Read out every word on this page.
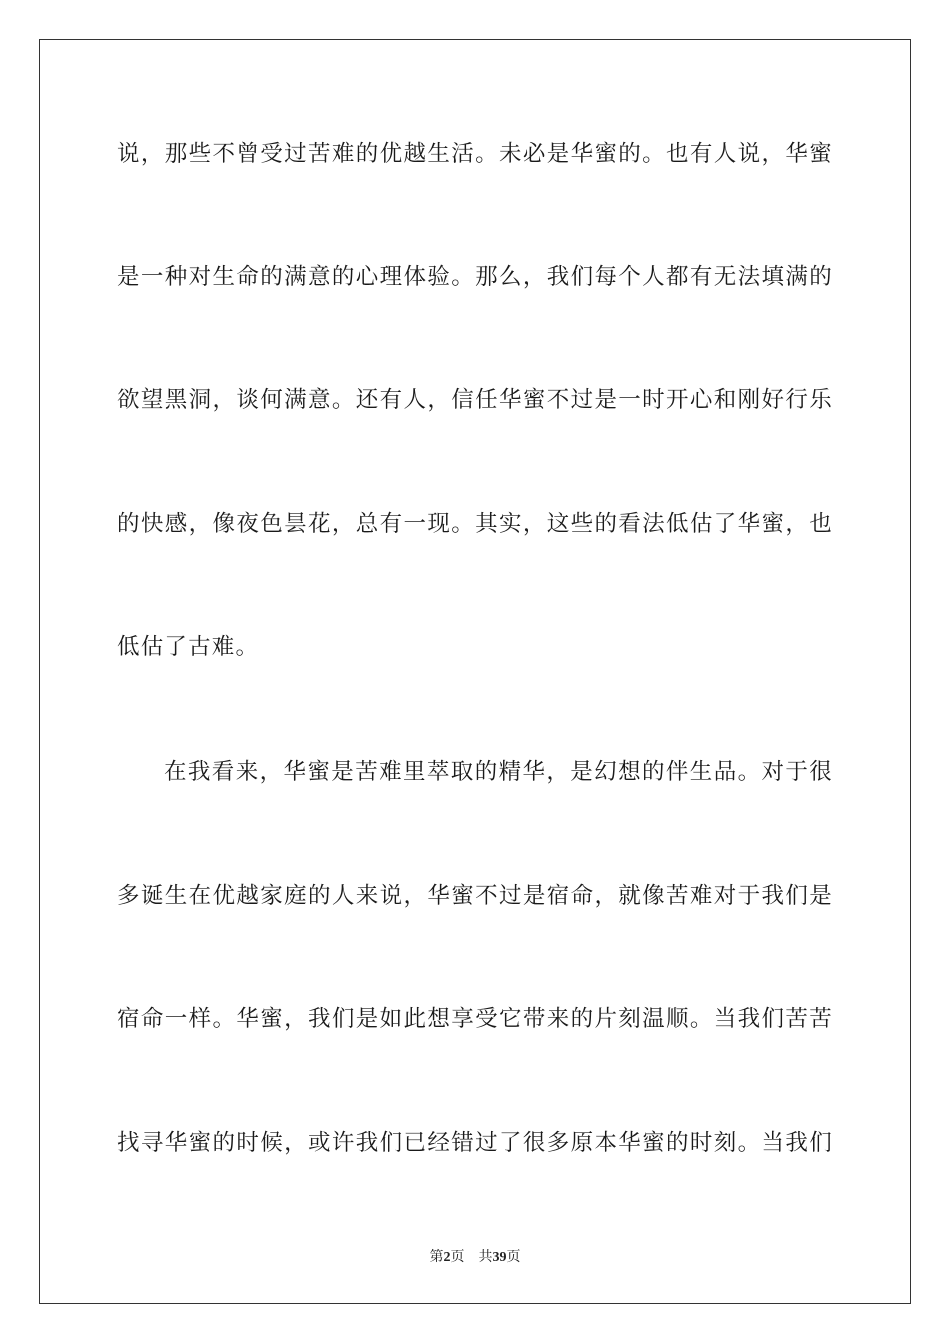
说，那些不曾受过苦难的优越生活。未必是华蜜的。也有人说，华蜜
是一种对生命的满意的心理体验。那么，我们每个人都有无法填满的
欲望黑洞，谈何满意。还有人，信任华蜜不过是一时开心和刚好行乐
的快感，像夜色昙花，总有一现。其实，这些的看法低估了华蜜，也
低估了古难。
在我看来，华蜜是苦难里萃取的精华，是幻想的伴生品。对于很
多诞生在优越家庭的人来说，华蜜不过是宿命，就像苦难对于我们是
宿命一样。华蜜，我们是如此想享受它带来的片刻温顺。当我们苦苦
找寻华蜜的时候，或许我们已经错过了很多原本华蜜的时刻。当我们
第2页 共39页
